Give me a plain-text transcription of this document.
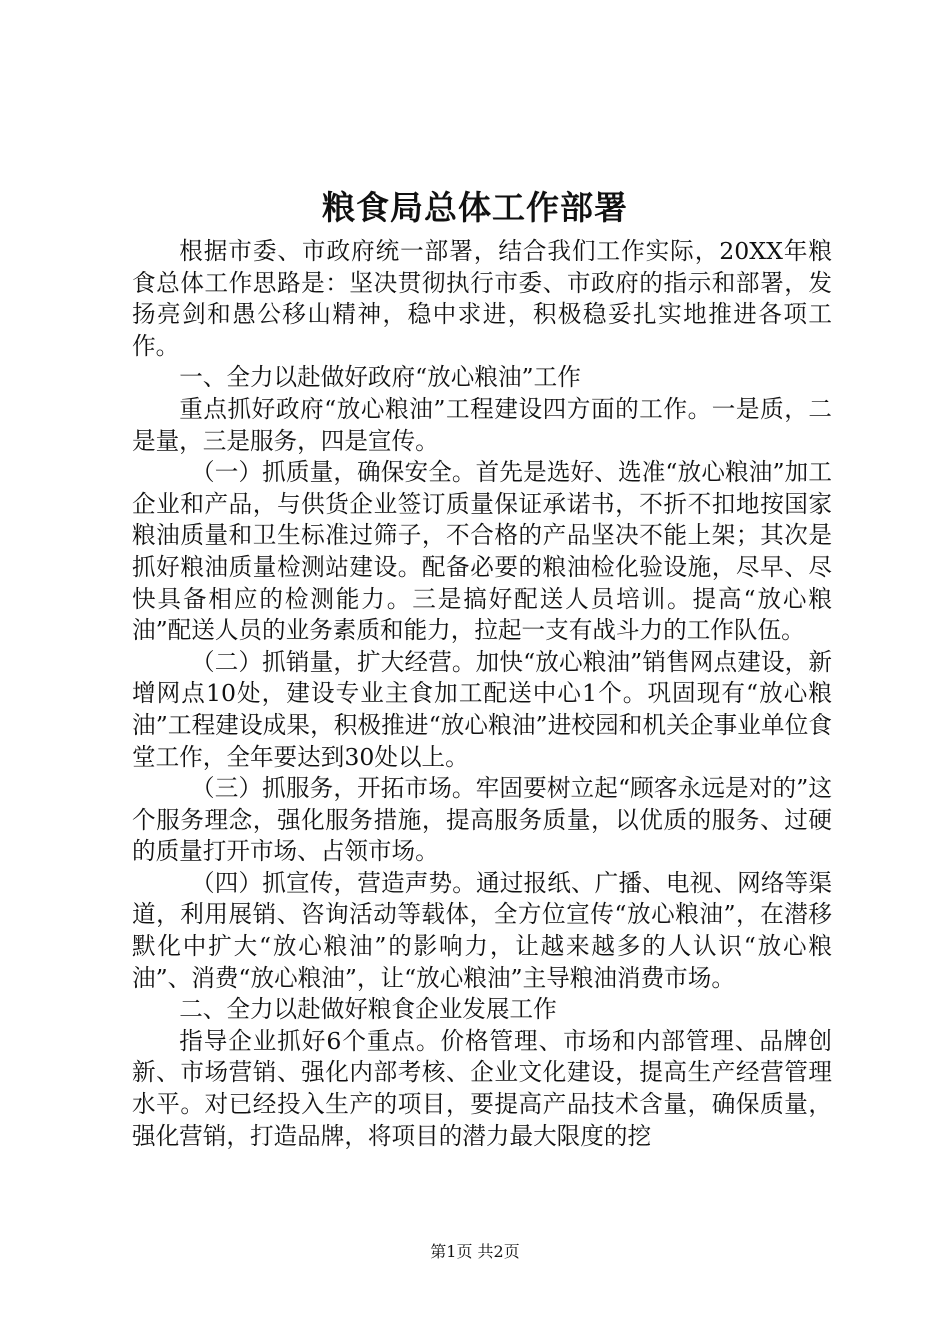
粮食局总体工作部署

根据市委、市政府统一部署，结合我们工作实际，20XX年粮食总体工作思路是：坚决贯彻执行市委、市政府的指示和部署，发扬亮剑和愚公移山精神，稳中求进，积极稳妥扎实地推进各项工作。

一、全力以赴做好政府“放心粮油”工作

重点抓好政府“放心粮油”工程建设四方面的工作。一是质，二是量，三是服务，四是宣传。

（一）抓质量，确保安全。首先是选好、选准“放心粮油”加工企业和产品，与供货企业签订质量保证承诺书，不折不扣地按国家粮油质量和卫生标准过筛子，不合格的产品坚决不能上架；其次是抓好粮油质量检测站建设。配备必要的粮油检化验设施，尽早、尽快具备相应的检测能力。三是搞好配送人员培训。提高“放心粮油”配送人员的业务素质和能力，拉起一支有战斗力的工作队伍。

（二）抓销量，扩大经营。加快“放心粮油”销售网点建设，新增网点10处，建设专业主食加工配送中心1个。巩固现有“放心粮油”工程建设成果，积极推进“放心粮油”进校园和机关企事业单位食堂工作，全年要达到30处以上。

（三）抓服务，开拓市场。牢固要树立起“顾客永远是对的”这个服务理念，强化服务措施，提高服务质量，以优质的服务、过硬的质量打开市场、占领市场。

（四）抓宣传，营造声势。通过报纸、广播、电视、网络等渠道，利用展销、咨询活动等载体，全方位宣传“放心粮油”，在潜移默化中扩大“放心粮油”的影响力，让越来越多的人认识“放心粮油”、消费“放心粮油”，让“放心粮油”主导粮油消费市场。

二、全力以赴做好粮食企业发展工作

指导企业抓好6个重点。价格管理、市场和内部管理、品牌创新、市场营销、强化内部考核、企业文化建设，提高生产经营管理水平。对已经投入生产的项目，要提高产品技术含量，确保质量，强化营销，打造品牌，将项目的潜力最大限度的挖

第1页 共2页
